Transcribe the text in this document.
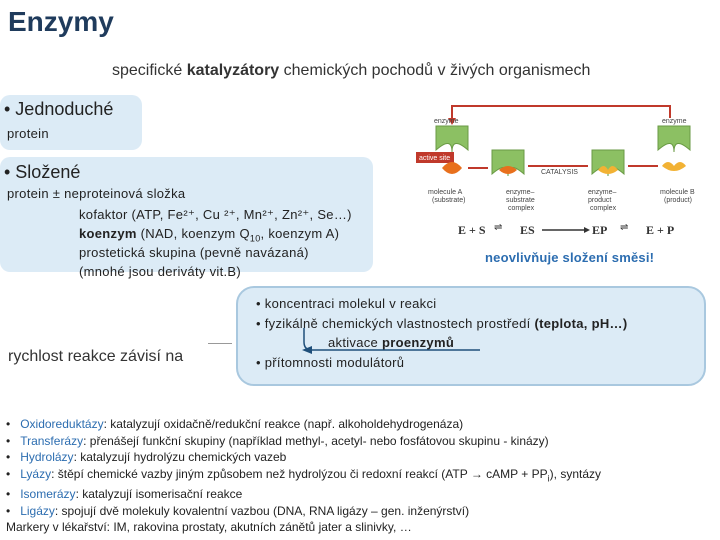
Enzymy
specifické katalyzátory chemických pochodů v živých organismech
• Jednoduché
protein
• Složené
protein ± neproteinová složka
kofaktor (ATP, Fe²⁺, Cu ²⁺, Mn²⁺, Zn²⁺, Se…)
koenzym (NAD, koenzym $Q_{10}$, koenzym A)
prostetická skupina (pevně navázaná)
(mnohé jsou deriváty vit.B)
enzyme	enzyme
active site
CATALYSIS
molecule A
(substrate)
enzyme–
substrate
complex
enzyme–
product
complex
molecule B
(product)
E + S ⇌ ES	EP ⇌ E + P
neovlivňuje složení směsi!
rychlost reakce závisí na
• koncentraci molekul v reakci
• fyzikálně chemických vlastnostech prostředí (teplota, pH…)
aktivace proenzymů
• přítomnosti modulátorů
•   Oxidoreduktázy: katalyzují oxidačně/redukční reakce (např. alkoholdehydrogenáza)
•   Transferázy: přenášejí funkční skupiny (například methyl-, acetyl- nebo fosfátovou skupinu - kinázy)
•   Hydrolázy: katalyzují hydrolýzu chemických vazeb
•   Lyázy: štěpí chemické vazby jiným způsobem než hydrolýzou či redoxní reakcí (ATP → cAMP + $PP_i$), syntázy
•   Isomerázy: katalyzují isomerisační reakce
•   Ligázy: spojují dvě molekuly kovalentní vazbou (DNA, RNA ligázy – gen. inženýrství)
Markery v lékařství: IM, rakovina prostaty, akutních zánětů jater a slinivky, …
